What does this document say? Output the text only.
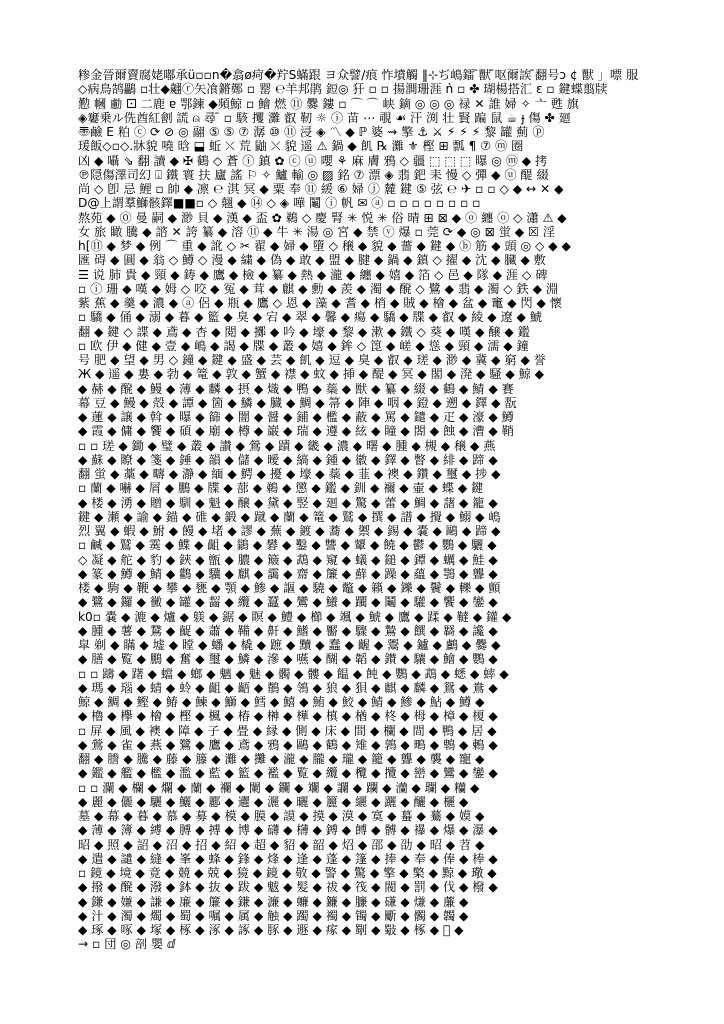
糁金晉爾賣腐姥嘟承ü▫▫n�翕ø疴�羜S蟎跟 ヨ众譬/痕 怍墳觸 ‖⊹ぢ嶋鐳 ̄獸 ̄呕爾誒 ̄翻号ɔ ¢ 獸 」嘌 服
◇病鳥鹄鸓 ▫壮◆翽ⓡ矢飡鏘鄭 ▫ 罂 ℮羊邦鹃 鋀◎ 犴 ▫ ▫ 揚澗珊涯 ǹ ▫ ✤ 瑚楊搭汇 ε ▫ 鍵蝶翦牍
懃 幗 勴 ⚀ 二鹿 ɐ 鄂鍊 ◆頻鯨 ▫ 鱠 燃 ⑪ 爨 鏤 ▫ ⌒ ⌒ 峡 鏑 ◎ ◎ ◎ 禄 ✕ 誰 婦 ✧ 亠 甦 旗
◈窶乗ル侁酋紅劊 謊 ⍝ 尋 ̄ ▫ 駭 攫 灘 叡 靭 ☼ ⓘ 苗 ⋯ 覗 ☙ 汗 渕 壮 賢 蹁 鼠 ☕ ɟ 傷 ✤ 廻
〠鹼 E 粕 ⓒ ⟳ ⊘ ◎ 翮 ⑤ ⑤ ⑦ 潺 ⑩ ⑪ 浸 ◈ 〽 ◆ ℙ 婆 ⇝ 擎 ⚓ ⚔ ⚡ ⚡ ⚡ 黎 罐 薊 ⓟ
瑗飯◇▫◇.牀貌 嘵 晗 ⬓ 蚯 ⤬ 荒 鼬 ⤬ 貌 遥 ⚠ 鍋 ◆ 飢 ℞ 灘 ⚜ 樫 ⊞ 瓢 ¶ ⑦ ⓜ 圈
凶 ◆ 囁 ⇘ 翻 讀 ◆ ✠ 鶴 ◇ 蒼 ⓘ 鎮 ✿ ⓒ ⓤ 嚶 ⚘ 麻 膚 鴉 ◇ 疆 ⬚ ⬚ ⬚ 曝 ◎ ⓜ ◆ 拷
℗隠傷澤司幻 ⍗ 鐵 寰 扶 廬 謠 ⚐ ✧ 鱸 輸 ◎ ▨ 銘 ⑦ 漂 ◈ 翡 鈀 耒 慢 ◇ 彈 ◆ ⓤ 醍 綴
尚 ◇ 卽 忌 鯉 ▫ 帥 ◆ 凛 ℮ 淇 冥 ◆ 粟 奉 ⑪ 緩 ⑥ 婦 ⓙ 麓 鍵 ⑤ 弦 ℮ ✈ ▫ ▫ ◇ ◆ ↔ ✕ ◆
D@上謂羣鰤骸鐸■■▫ ◇ 翹 ◆ ⑭ ◇ ◈ 嘩 鬮 ⓘ 帆 ✉ ⓐ ▫ ▫ ▫ ▫ ▫ ▫ ▫ ▫
熬苑 ◆ ⓪ 曼 嗣 ◆ 渺 貝 ◆ 漢 ◆ 盃 ✿ 鵜 ◇ 慶 腎 ✳ 悦 ✳ 俗 晴 ⊞ ⊠ ◆ ⓞ 纏 ⓞ ◇ 瀟 ⚠ ◆
女 旅 瞰 騰 ◆ 諮 ✕ 誇 纂 ◆ 溶 ⑪ ◆ 牛 ✳ 湯 ◎ 宮 ◆ 禁 ⓥ 爆 ▫ 莞 ⟳ ◆ ◎ ⊠ 蛍 ◆ ☒ 淫
h[⑪ ◆ 梦 ◆ 例 ⌒ 重 ◆ 訛 ◇ ✂ 翟 ◆ 婦 ◆ 墮 ◇ 穣 ◆ 貌 ◆ 薔 ◆ 鍵 ◆ ⓑ 筋 ◆ 頭 ◎ ◇ ◆ ◆
匯 碍 ◆ 圓 ◆ 翁 ◇ 鱒 ◇ 漫 ◆ 繍 ◆ 偽 ◆ 敢 ◆ 盟 ◆ 腱 ◆ 鍋 ◆ 鎮 ◇ 擢 ◆ 沈 ◆ 臓 ◆ 敷
☰ 说 肺 貴 ◆ 頸 ◆ 鋳 ◆ 鷹 ◆ 檢 ◆ 纂 ◆ 熱 ◆ 瀧 ◆ 纏 ◆ 嬉 ◆ 箔 ◇ 邑 ◆ 隊 ◆ 涯 ◇ 碑
▫ ⓘ 珊 ◆ 嘆 ◆ 姆 ◇ 咬 ◆ 冤 ◆ 茸 ◆ 麒 ◆ 勳 ◆ 羨 ◆ 濁 ◆ 醗 ◇ 鷺 ◆ 翡 ◆ 濁 ◇ 鉄 ◆ 淵
紫 蕉 ◆ 羹 ◆ 濃 ◆ ⓐ 侶 ◆ 瓶 ◆ 鷹 ◇ 恩 ◆ 藻 ◆ 耆 ◆ 梢 ◆ 賊 ◆ 檜 ◆ 盆 ◆ 竃 ◆ 閃 ◆ 懷
▫ 驕 ◆ 俑 ◆ 溺 ◆ 暮 ◆ 籃 ◆ 臭 ◆ 宕 ◆ 翠 ◆ 馨 ◆ 瘍 ◆ 驕 ◆ 牒 ◆ 叡 ◆ 綾 ◆ 遼 ◆ 鯱
翻 ◆ 鍵 ◇ 諜 ◆ 鳶 ◆ 杏 ◆ 閲 ◆ 擲 ◆ 吟 ◆ 壕 ◆ 黎 ◆ 漱 ◆ 鐵 ◇ 葵 ◆ 嘆 ◆ 醸 ◆ 鑑
▫ 欧 伊 ◆ 健 ◆ 壹 ◆ 嶋 ◆ 謁 ◆ 牒 ◆ 叢 ◆ 嬉 ◆ 鉾 ◇ 箆 ◆ 嵯 ◆ 慫 ◆ 頸 ◆ 濡 ◆ 鐘
号 肥 ◆ 望 ◆ 男 ◇ 鐘 ◆ 鍵 ◆ 盛 ◆ 芸 ◆ 飢 ◆ 逗 ◆ 臭 ◆ 叡 ◆ 瑳 ◆ 渺 ◆ 冀 ◆ 窮 ◆ 誉
Ж ◆ 遥 ◆ 婁 ◆ 勃 ◆ 篭 ◆ 敦 ◆ 蟹 ◆ 襟 ◆ 蚊 ◆ 挿 ◆ 醍 ◆ 冥 ◆ 閣 ◆ 溌 ◆ 騒 ◆ 鯨 ◆
◆ 赫 ◆ 醗 ◆ 鰻 ◆ 薄 ◆ 麟 ◆ 摂 ◆ 熾 ◆ 鴨 ◆ 蘂 ◆ 獣 ◆ 纂 ◆ 綴 ◆ 鶴 ◆ 鯖 ◆ 賽
幕 豆 ◆ 鰻 ◆ 殻 ◆ 譚 ◆ 箇 ◆ 鱗 ◆ 臓 ◆ 鯛 ◆ 箒 ◆ 陣 ◆ 咽 ◆ 鐙 ◆ 遡 ◆ 鐸 ◆ 翫
◆ 蓮 ◆ 譲 ◆ 斡 ◆ 曝 ◆ 篩 ◆ 闇 ◆ 醤 ◆ 鋪 ◆ 檻 ◆ 蔽 ◆ 罵 ◆ 鑓 ◆ 疋 ◆ 濠 ◆ 鱒
◆ 霞 ◆ 傭 ◆ 饗 ◆ 碩 ◆ 廟 ◆ 樽 ◆ 巌 ◆ 瑞 ◆ 遵 ◆ 絃 ◆ 瞳 ◆ 閤 ◆ 蝕 ◆ 漕 ◆ 鞘
▫ ▫ 瑳 ◆ 鋤 ◆ 璧 ◆ 叢 ◆ 讃 ◆ 鶯 ◆ 蹟 ◆ 畿 ◆ 濃 ◆ 曙 ◆ 腫 ◆ 槻 ◆ 穣 ◆ 燕
◆ 蘇 ◆ 瞭 ◆ 箋 ◆ 錘 ◆ 韻 ◆ 儲 ◆ 曖 ◆ 縞 ◆ 鍾 ◆ 徽 ◆ 鐸 ◆ 瞥 ◆ 緋 ◆ 蹄 ◆
翻 蛍 ◆ 藁 ◆ 疇 ◆ 瀞 ◆ 緬 ◆ 鰐 ◆ 擾 ◆ 壕 ◆ 蘂 ◆ 韮 ◆ 襖 ◆ 鑽 ◆ 璽 ◆ 捗 ◆
▫ 蘭 ◆ 嚇 ◆ 屑 ◆ 鵬 ◆ 牒 ◆ 蔀 ◆ 鵜 ◆ 懲 ◆ 鑑 ◆ 釧 ◆ 禰 ◆ 壷 ◆ 蝶 ◆ 鍵
◆ 楼 ◆ 湧 ◆ 贈 ◆ 馴 ◆ 魁 ◆ 醸 ◆ 黛 ◆ 竪 ◆ 廻 ◆ 驚 ◆ 蕾 ◆ 鯛 ◆ 藷 ◆ 籠 ◆
鍵 ◆ 瀬 ◆ 諭 ◆ 錨 ◆ 碓 ◆ 鍛 ◆ 蹴 ◆ 蘭 ◆ 篭 ◆ 鷲 ◆ 撰 ◆ 譜 ◆ 攪 ◆ 鰯 ◆ 嶋
烈 翼 ◆ 蝦 ◆ 鮒 ◆ 饅 ◆ 堵 ◆ 謬 ◆ 蕪 ◆ 鍍 ◆ 蕎 ◆ 禦 ◆ 錫 ◆ 嚢 ◆ 鷗 ◆ 蹄 ◆
▫ 鹹 ◆ 鷲 ◆ 霙 ◆ 鰈 ◆ 齟 ◆ 鶲 ◆ 礬 ◆ 鑿 ◆ 讐 ◆ 顰 ◆ 饒 ◆ 鬱 ◆ 鸚 ◆ 驪 ◆
◇ 凝 ◆ 舵 ◆ 豹 ◆ 鋏 ◆ 甑 ◆ 膿 ◆ 簸 ◆ 鵡 ◆ 窺 ◆ 蟻 ◆ 鎚 ◆ 鐔 ◆ 蠣 ◆ 鮭 ◆
◆ 篆 ◆ 鱒 ◆ 鯖 ◆ 鸛 ◆ 驥 ◆ 麒 ◆ 靄 ◆ 齋 ◆ 簾 ◆ 蘚 ◆ 躁 ◆ 蘊 ◆ 鶚 ◆ 聾 ◆
楼 ◆ 駒 ◆ 鞭 ◆ 攀 ◆ 甕 ◆ 顎 ◆ 鯵 ◆ 謳 ◆ 驍 ◆ 鼈 ◆ 籟 ◆ 鑠 ◆ 鬢 ◆ 轢 ◆ 顫
◆ 鷺 ◆ 鑼 ◆ 黴 ◆ 罐 ◆ 齧 ◆ 纜 ◆ 蠶 ◆ 鸞 ◆ 鱶 ◆ 躙 ◆ 鬮 ◆ 驩 ◆ 饗 ◆ 鑾 ◆
k0▫ 嚢 ◆ 漉 ◆ 爐 ◆ 躾 ◆ 鋸 ◆ 瞑 ◆ 鱧 ◆ 櫛 ◆ 颯 ◆ 鯱 ◆ 鷹 ◆ 蹂 ◆ 韃 ◆ 鑵 ◆
◆ 腫 ◆ 薯 ◆ 鵞 ◆ 齪 ◆ 蕭 ◆ 鞴 ◆ 鼾 ◆ 鰭 ◆ 靨 ◆ 驟 ◆ 鷙 ◆ 饌 ◆ 羇 ◆ 讒 ◆
皐 剃 ◆ 瞞 ◆ 墟 ◆ 瞠 ◆ 蟠 ◆ 橇 ◆ 蹠 ◆ 黷 ◆ 蠢 ◆ 齷 ◆ 鬻 ◆ 鑪 ◆ 鸕 ◆ 爨 ◆
◆ 膳 ◆ 覧 ◆ 鵬 ◆ 奮 ◆ 璽 ◆ 鱗 ◆ 滲 ◆ 嚥 ◆ 醐 ◆ 韜 ◆ 鑚 ◆ 驤 ◆ 鱠 ◆ 鸚 ◆
▫ ▫ 躊 ◆ 躇 ◆ 蟷 ◆ 螂 ◆ 魑 ◆ 魅 ◆ 髑 ◆ 髏 ◆ 饂 ◆ 飩 ◆ 鸚 ◆ 鵡 ◆ 蟋 ◆ 蟀 ◆
◆ 瑪 ◆ 瑙 ◆ 蜻 ◆ 蛉 ◆ 齟 ◆ 齬 ◆ 鶺 ◆ 鴒 ◆ 狼 ◆ 狽 ◆ 麒 ◆ 麟 ◆ 鴛 ◆ 鴦 ◆
鯨 ◆ 鯛 ◆ 鰹 ◆ 鰆 ◆ 鰊 ◆ 鰤 ◆ 鱈 ◆ 鱚 ◆ 鮪 ◆ 鮫 ◆ 鯖 ◆ 鯵 ◆ 鮎 ◆ 鱒 ◆
◆ 櫓 ◆ 欅 ◆ 檜 ◆ 樫 ◆ 楓 ◆ 椿 ◆ 榊 ◆ 樺 ◆ 槙 ◆ 楢 ◆ 柊 ◆ 栂 ◆ 樟 ◆ 榎 ◆
▫ 屏 ◆ 風 ◆ 襖 ◆ 障 ◆ 子 ◆ 畳 ◆ 縁 ◆ 側 ◆ 床 ◆ 間 ◆ 欄 ◆ 間 ◆ 鴨 ◆ 居 ◆
◆ 鶯 ◆ 雀 ◆ 燕 ◆ 鷺 ◆ 鷹 ◆ 鳶 ◆ 鴉 ◆ 鷗 ◆ 鶴 ◆ 雉 ◆ 鶉 ◆ 鴫 ◆ 鵯 ◆ 鶇 ◆
翻 ◆ 謄 ◆ 騰 ◆ 藤 ◆ 籐 ◆ 灘 ◆ 攤 ◆ 瀧 ◆ 朧 ◆ 瓏 ◆ 籠 ◆ 聾 ◆ 襲 ◆ 寵 ◆
◆ 鑑 ◆ 艦 ◆ 檻 ◆ 濫 ◆ 藍 ◆ 籃 ◆ 襤 ◆ 覧 ◆ 纜 ◆ 欖 ◆ 攬 ◆ 巒 ◆ 鸞 ◆ 鑾 ◆
▫ ▫ 瀾 ◆ 欄 ◆ 爛 ◆ 蘭 ◆ 襴 ◆ 闌 ◆ 鑭 ◆ 斕 ◆ 讕 ◆ 躝 ◆ 灡 ◆ 瓓 ◆ 糷 ◆
◆ 麗 ◆ 儷 ◆ 驪 ◆ 鱺 ◆ 酈 ◆ 邐 ◆ 灑 ◆ 曬 ◆ 籭 ◆ 纚 ◆ 躧 ◆ 釃 ◆ 欐 ◆
墓 ◆ 幕 ◆ 暮 ◆ 慕 ◆ 募 ◆ 模 ◆ 膜 ◆ 謨 ◆ 摸 ◆ 漠 ◆ 寞 ◆ 蟇 ◆ 驀 ◆ 嫫 ◆
◆ 薄 ◆ 簿 ◆ 縛 ◆ 膊 ◆ 搏 ◆ 博 ◆ 礴 ◆ 欂 ◆ 鎛 ◆ 餺 ◆ 髆 ◆ 襮 ◆ 爆 ◆ 瀑 ◆
昭 ◆ 照 ◆ 詔 ◆ 沼 ◆ 招 ◆ 紹 ◆ 超 ◆ 貂 ◆ 韶 ◆ 炤 ◆ 邵 ◆ 劭 ◆ 昭 ◆ 苕 ◆
◆ 遣 ◆ 譴 ◆ 縫 ◆ 峯 ◆ 蜂 ◆ 鋒 ◆ 烽 ◆ 逢 ◆ 蓬 ◆ 篷 ◆ 捧 ◆ 奉 ◆ 俸 ◆ 棒 ◆
▫ 鏡 ◆ 境 ◆ 竟 ◆ 競 ◆ 兢 ◆ 獍 ◆ 鏡 ◆ 敬 ◆ 警 ◆ 驚 ◆ 擎 ◆ 檠 ◆ 黥 ◆ 璥 ◆
◆ 撥 ◆ 醗 ◆ 潑 ◆ 鉢 ◆ 抜 ◆ 跋 ◆ 魃 ◆ 髪 ◆ 祓 ◆ 筏 ◆ 閥 ◆ 罰 ◆ 伐 ◆ 橃 ◆
◆ 鎌 ◆ 嫌 ◆ 謙 ◆ 廉 ◆ 簾 ◆ 鎌 ◆ 濂 ◆ 蠊 ◆ 鐮 ◆ 臁 ◆ 磏 ◆ 熑 ◆ 薕 ◆
◆ 汁 ◆ 濁 ◆ 燭 ◆ 蜀 ◆ 嘱 ◆ 属 ◆ 触 ◆ 躅 ◆ 襡 ◆ 镯 ◆ 斸 ◆ 髑 ◆ 韣 ◆
◆ 琢 ◆ 啄 ◆ 塚 ◆ 椓 ◆ 涿 ◆ 諑 ◆ 豚 ◆ 遯 ◆ 瘃 ◆ 劅 ◆ 斀 ◆ 椓 ◆ 𡎝 ◆
→ ▫ 団 ◎ 剖 嬰 ⅆ
